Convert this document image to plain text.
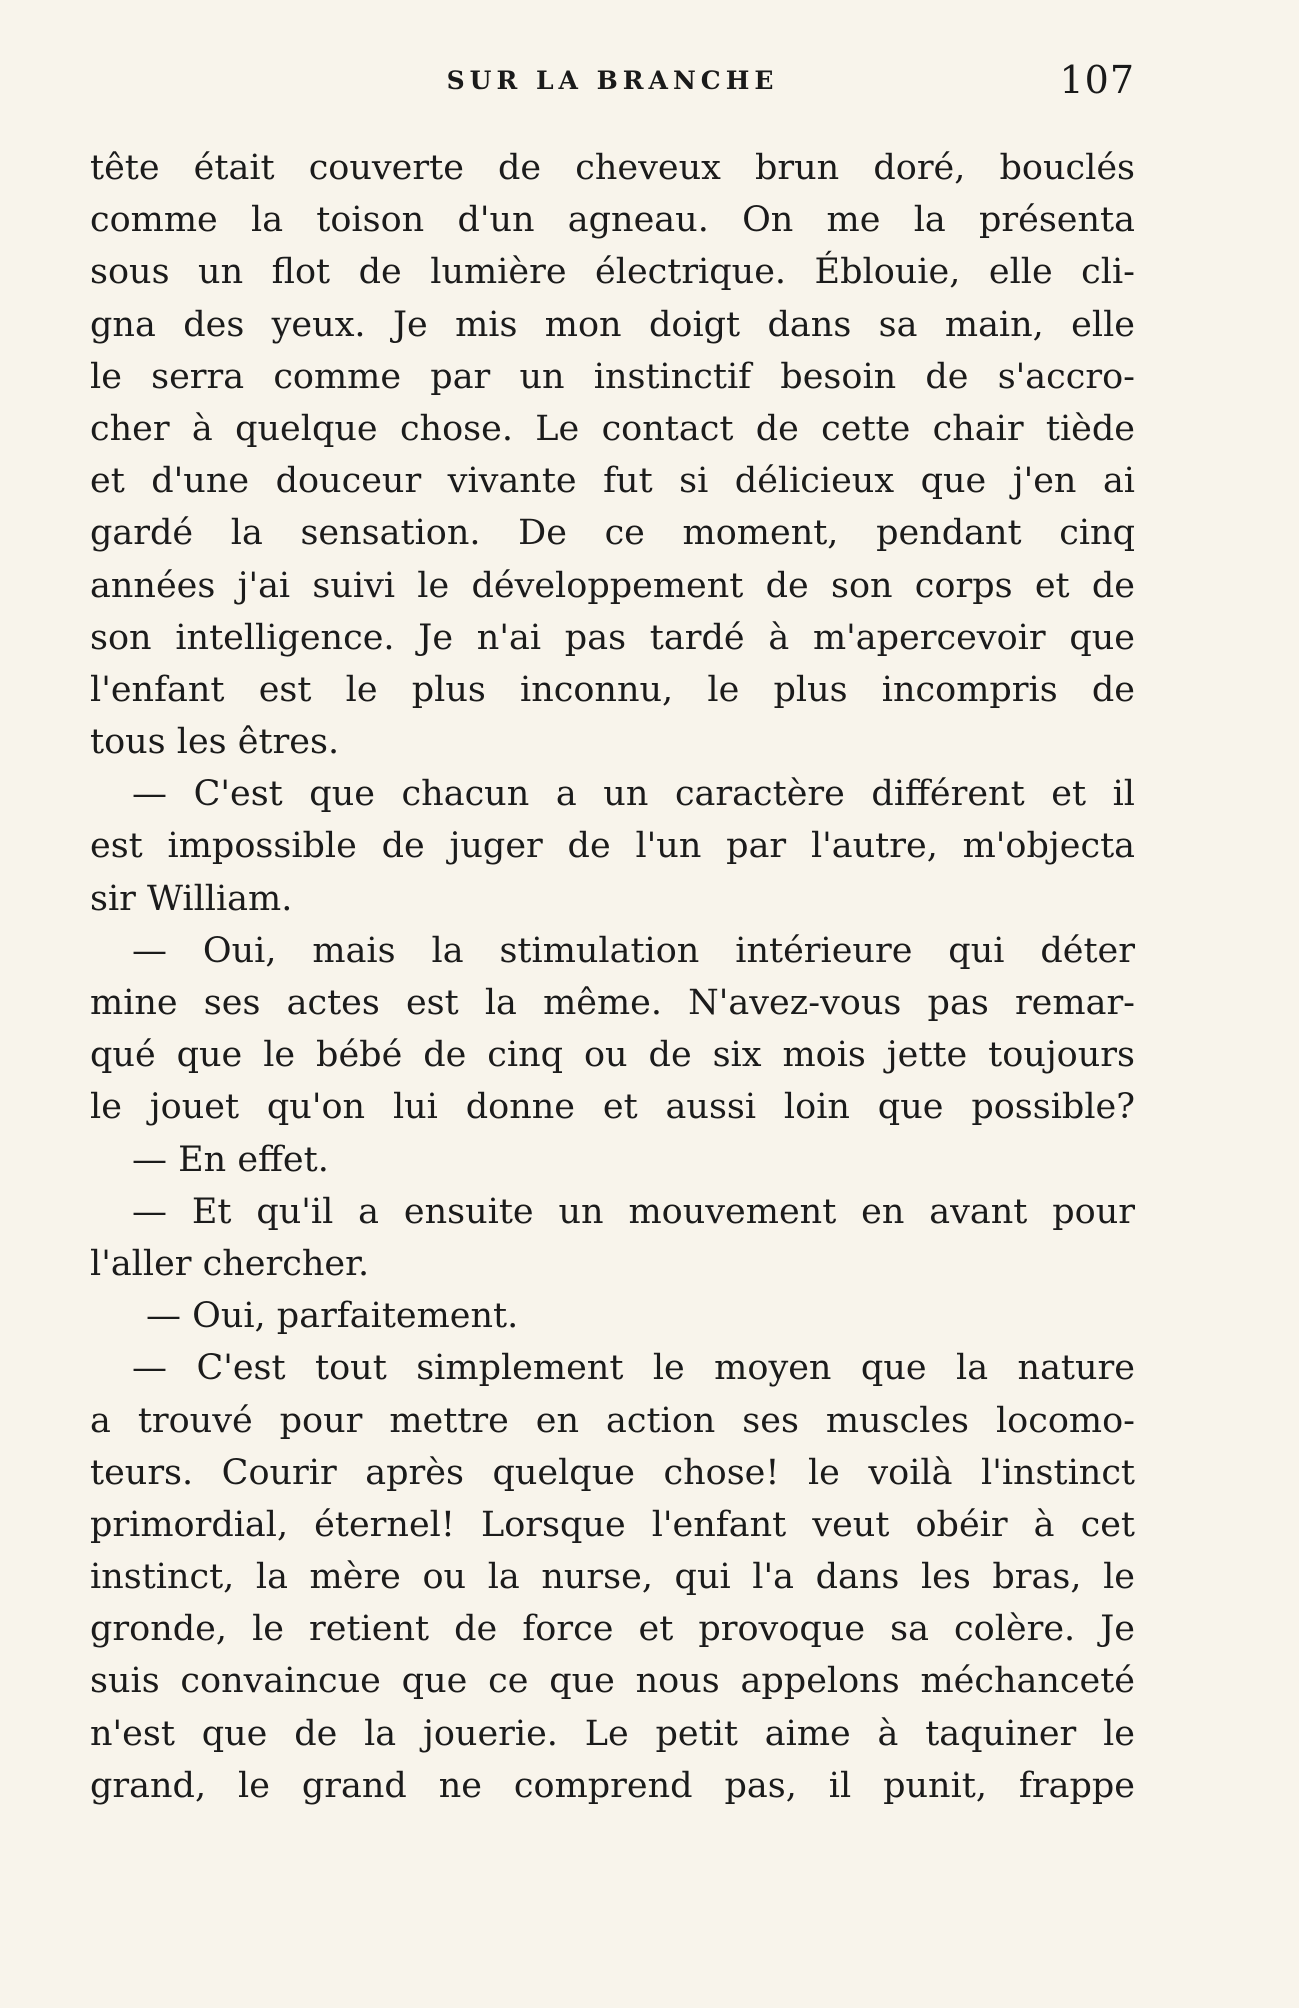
SUR LA BRANCHE	107
tête était couverte de cheveux brun doré, bouclés
comme la toison d'un agneau. On me la présenta
sous un flot de lumière électrique. Éblouie, elle cli-
gna des yeux. Je mis mon doigt dans sa main, elle
le serra comme par un instinctif besoin de s'accro-
cher à quelque chose. Le contact de cette chair tiède
et d'une douceur vivante fut si délicieux que j'en ai
gardé la sensation. De ce moment, pendant cinq
années j'ai suivi le développement de son corps et de
son intelligence. Je n'ai pas tardé à m'apercevoir que
l'enfant est le plus inconnu, le plus incompris de
tous les êtres.
— C'est que chacun a un caractère différent et il
est impossible de juger de l'un par l'autre, m'objecta
sir William.
— Oui, mais la stimulation intérieure qui déter
mine ses actes est la même. N'avez-vous pas remar-
qué que le bébé de cinq ou de six mois jette toujours
le jouet qu'on lui donne et aussi loin que possible?
— En effet.
— Et qu'il a ensuite un mouvement en avant pour
l'aller chercher.
— Oui, parfaitement.
— C'est tout simplement le moyen que la nature
a trouvé pour mettre en action ses muscles locomo-
teurs. Courir après quelque chose! le voilà l'instinct
primordial, éternel! Lorsque l'enfant veut obéir à cet
instinct, la mère ou la nurse, qui l'a dans les bras, le
gronde, le retient de force et provoque sa colère. Je
suis convaincue que ce que nous appelons méchanceté
n'est que de la jouerie. Le petit aime à taquiner le
grand, le grand ne comprend pas, il punit, frappe
